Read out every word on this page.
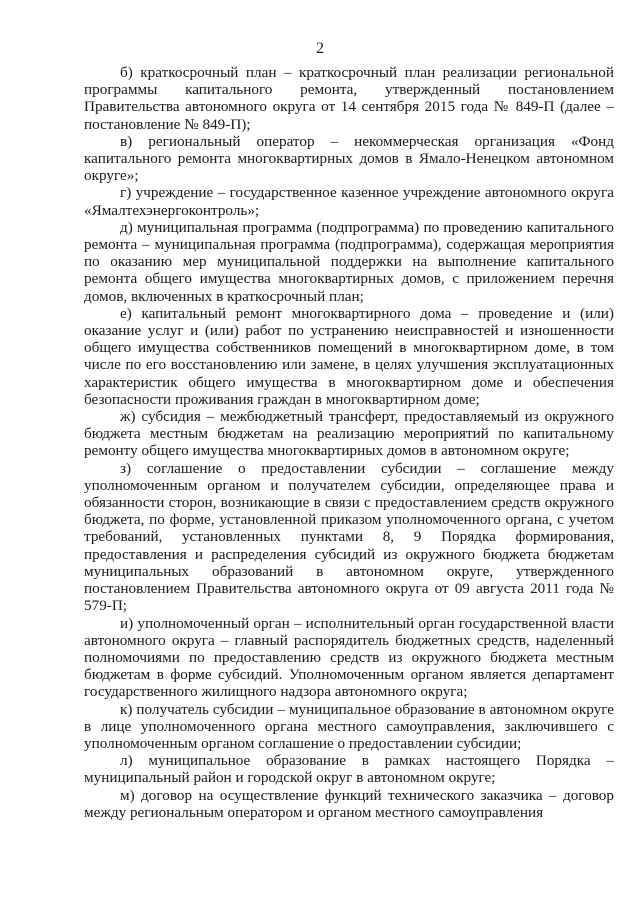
2

б) краткосрочный план – краткосрочный план реализации региональной программы капитального ремонта, утвержденный постановлением Правительства автономного округа от 14 сентября 2015 года № 849-П (далее – постановление № 849-П);

в) региональный оператор – некоммерческая организация «Фонд капитального ремонта многоквартирных домов в Ямало-Ненецком автономном округе»;

г) учреждение – государственное казенное учреждение автономного округа «Ямалтехэнергоконтроль»;

д) муниципальная программа (подпрограмма) по проведению капитального ремонта – муниципальная программа (подпрограмма), содержащая мероприятия по оказанию мер муниципальной поддержки на выполнение капитального ремонта общего имущества многоквартирных домов, с приложением перечня домов, включенных в краткосрочный план;

е) капитальный ремонт многоквартирного дома – проведение и (или) оказание услуг и (или) работ по устранению неисправностей и изношенности общего имущества собственников помещений в многоквартирном доме, в том числе по его восстановлению или замене, в целях улучшения эксплуатационных характеристик общего имущества в многоквартирном доме и обеспечения безопасности проживания граждан в многоквартирном доме;

ж) субсидия – межбюджетный трансферт, предоставляемый из окружного бюджета местным бюджетам на реализацию мероприятий по капитальному ремонту общего имущества многоквартирных домов в автономном округе;

з) соглашение о предоставлении субсидии – соглашение между уполномоченным органом и получателем субсидии, определяющее права и обязанности сторон, возникающие в связи с предоставлением средств окружного бюджета, по форме, установленной приказом уполномоченного органа, с учетом требований, установленных пунктами 8, 9 Порядка формирования, предоставления и распределения субсидий из окружного бюджета бюджетам муниципальных образований в автономном округе, утвержденного постановлением Правительства автономного округа от 09 августа 2011 года № 579-П;

и) уполномоченный орган – исполнительный орган государственной власти автономного округа – главный распорядитель бюджетных средств, наделенный полномочиями по предоставлению средств из окружного бюджета местным бюджетам в форме субсидий. Уполномоченным органом является департамент государственного жилищного надзора автономного округа;

к) получатель субсидии – муниципальное образование в автономном округе в лице уполномоченного органа местного самоуправления, заключившего с уполномоченным органом соглашение о предоставлении субсидии;

л) муниципальное образование в рамках настоящего Порядка – муниципальный район и городской округ в автономном округе;

м) договор на осуществление функций технического заказчика – договор между региональным оператором и органом местного самоуправления
